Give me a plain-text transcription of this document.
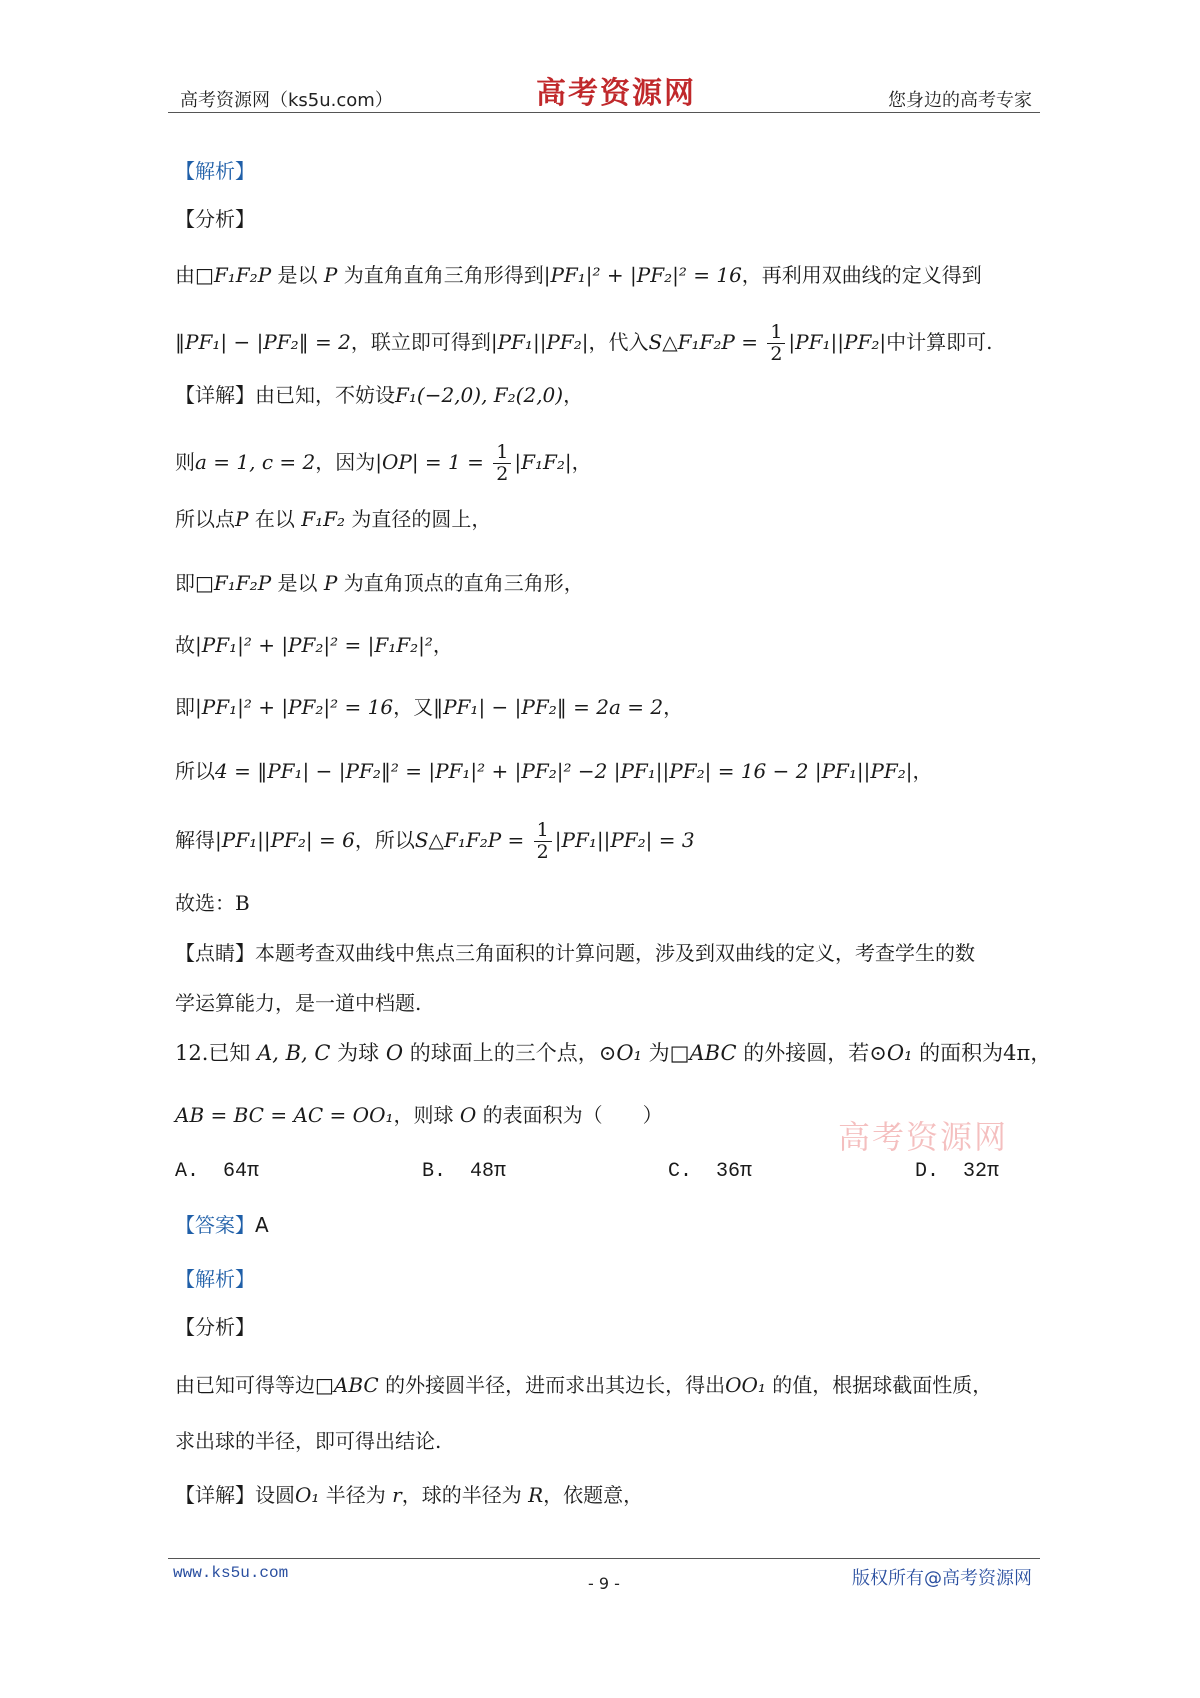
高考资源网（ks5u.com）	高考资源网	您身边的高考专家
【解析】
【分析】
由□F₁F₂P 是以 P 为直角直角三角形得到|PF₁|² + |PF₂|² = 16，再利用双曲线的定义得到
‖PF₁| − |PF₂‖ = 2，联立即可得到|PF₁||PF₂|，代入S△F₁F₂P = $\frac{1}{2} |PF_1||PF_2|$中计算即可.
【详解】由已知，不妨设F₁(−2,0), F₂(2,0)，
则a = 1, c = 2，因为$|OP| = 1 = \frac{1}{2} |F_1F_2|$，
所以点P 在以 F₁F₂ 为直径的圆上，
即□F₁F₂P 是以 P 为直角顶点的直角三角形，
故|PF₁|² + |PF₂|² = |F₁F₂|²，
即|PF₁|² + |PF₂|² = 16，又‖PF₁| − |PF₂‖ = 2a = 2，
所以4 = ‖PF₁| − |PF₂‖² = |PF₁|² + |PF₂|² −2 |PF₁||PF₂| = 16 − 2 |PF₁||PF₂|，
解得|PF₁||PF₂| = 6，所以S△F₁F₂P = $\frac{1}{2} |PF_1||PF_2| = 3$
故选：B
【点睛】本题考查双曲线中焦点三角面积的计算问题，涉及到双曲线的定义，考查学生的数
学运算能力，是一道中档题.
12.已知 A, B, C 为球 O 的球面上的三个点，⊙O₁ 为□ABC 的外接圆，若⊙O₁ 的面积为4π，
AB = BC = AC = OO₁，则球 O 的表面积为（　　）
高考资源网
A. 64π	B. 48π	C. 36π	D. 32π
【答案】A
【解析】
【分析】
由已知可得等边□ABC 的外接圆半径，进而求出其边长，得出OO₁ 的值，根据球截面性质，
求出球的半径，即可得出结论.
【详解】设圆O₁ 半径为 r，球的半径为 R，依题意，
www.ks5u.com
- 9 -	版权所有@高考资源网
